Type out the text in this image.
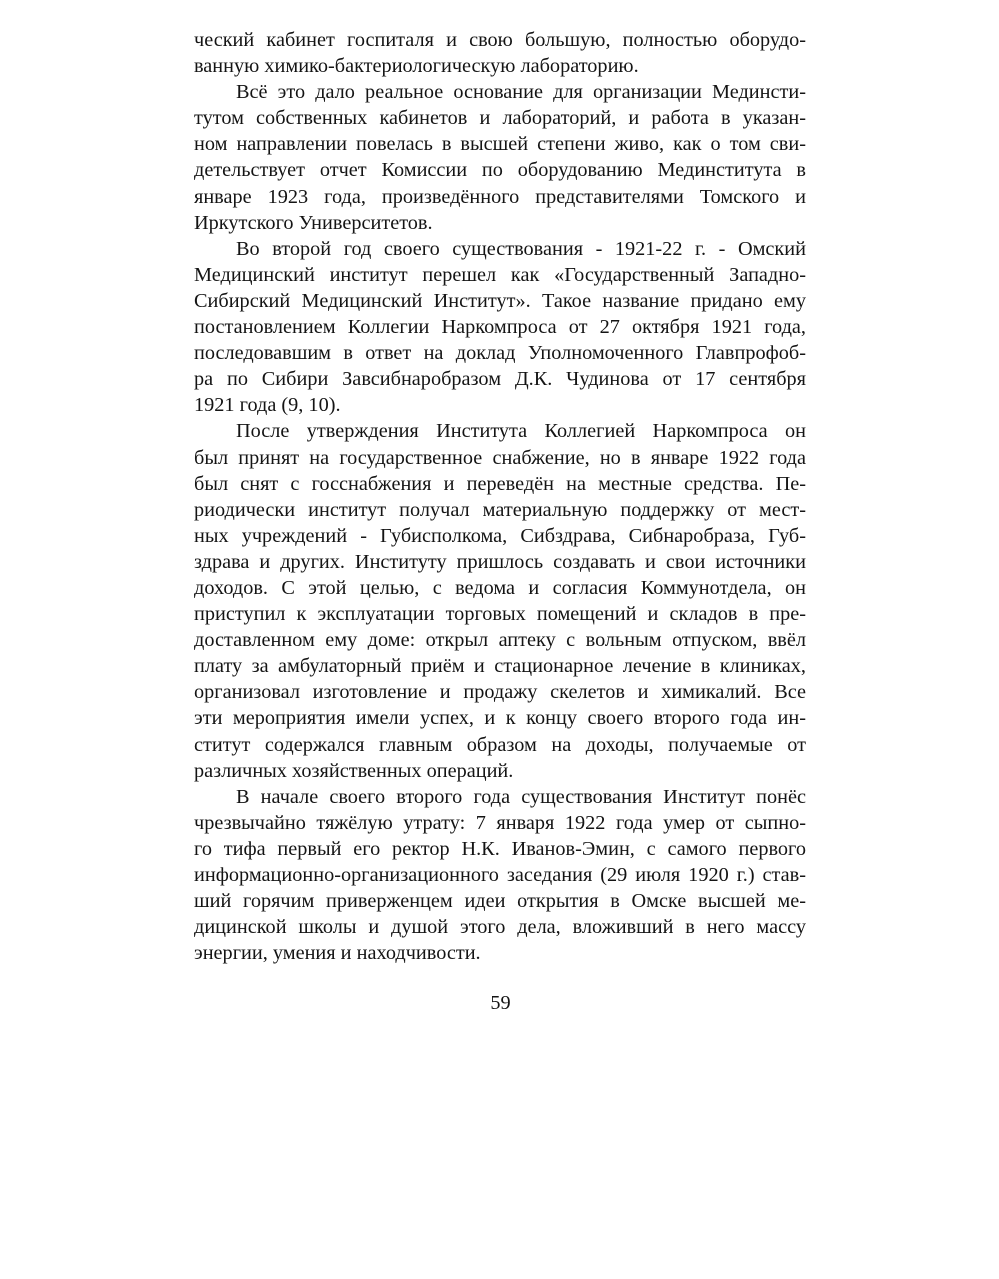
ческий кабинет госпиталя и свою большую, полностью оборудо-
ванную химико-бактериологическую лабораторию.
Всё это дало реальное основание для организации Мединсти-
тутом собственных кабинетов и лабораторий, и работа в указан-
ном направлении повелась в высшей степени живо, как о том сви-
детельствует отчет Комиссии по оборудованию Мединститута в
январе 1923 года, произведённого представителями Томского и
Иркутского Университетов.
Во второй год своего существования - 1921-22 г. - Омский
Медицинский институт перешел как «Государственный Западно-
Сибирский Медицинский Институт». Такое название придано ему
постановлением Коллегии Наркомпроса от 27 октября 1921 года,
последовавшим в ответ на доклад Уполномоченного Главпрофоб-
ра по Сибири Завсибнаробразом Д.К. Чудинова от 17 сентября
1921 года (9, 10).
После утверждения Института Коллегией Наркомпроса он
был принят на государственное снабжение, но в январе 1922 года
был снят с госснабжения и переведён на местные средства. Пе-
риодически институт получал материальную поддержку от мест-
ных учреждений - Губисполкома, Сибздрава, Сибнаробраза, Губ-
здрава и других. Институту пришлось создавать и свои источники
доходов. С этой целью, с ведома и согласия Коммунотдела, он
приступил к эксплуатации торговых помещений и складов в пре-
доставленном ему доме: открыл аптеку с вольным отпуском, ввёл
плату за амбулаторный приём и стационарное лечение в клиниках,
организовал изготовление и продажу скелетов и химикалий. Все
эти мероприятия имели успех, и к концу своего второго года ин-
ститут содержался главным образом на доходы, получаемые от
различных хозяйственных операций.
В начале своего второго года существования Институт понёс
чрезвычайно тяжёлую утрату: 7 января 1922 года умер от сыпно-
го тифа первый его ректор Н.К. Иванов-Эмин, с самого первого
информационно-организационного заседания (29 июля 1920 г.) став-
ший горячим приверженцем идеи открытия в Омске высшей ме-
дицинской школы и душой этого дела, вложивший в него массу
энергии, умения и находчивости.
59
